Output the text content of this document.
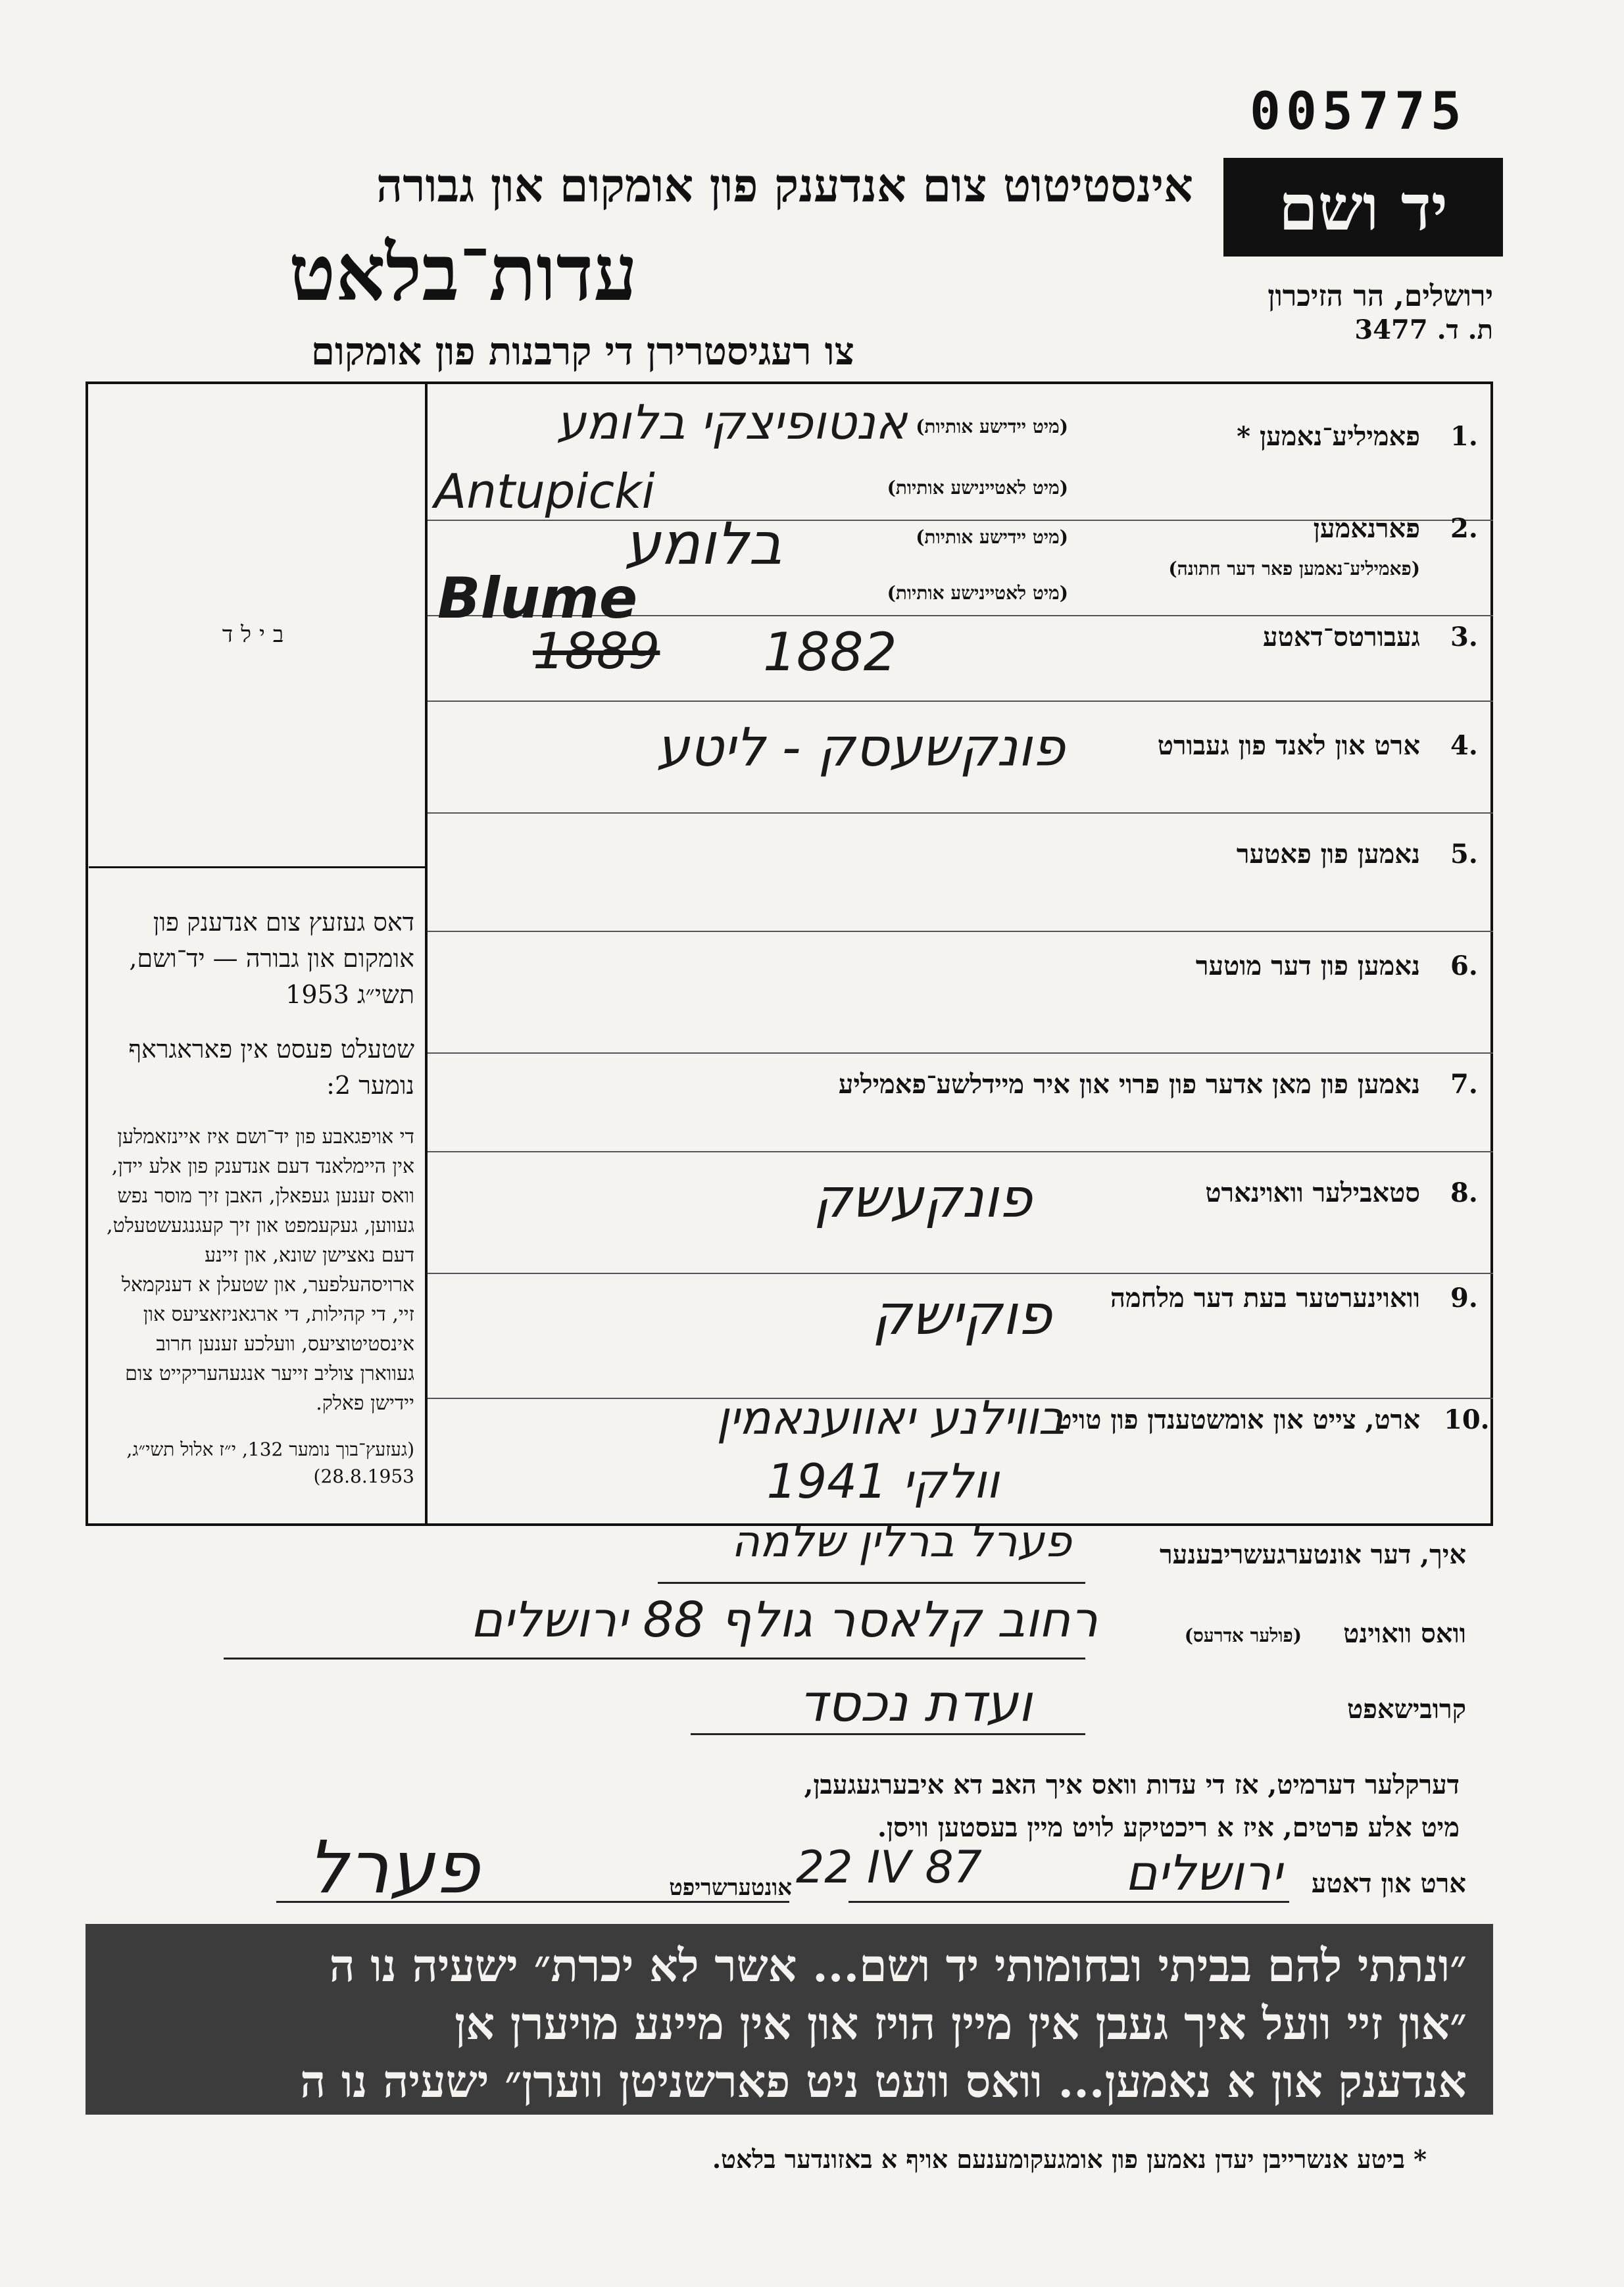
005775
יד ושם
אינסטיטוט צום אנדענק פון אומקום און גבורה
עדות־בלאט
צו רעגיסטרירן די קרבנות פון אומקום
ירושלים, הר הזיכרון
ת. ד. 3477
בילד

דאס געזעץ צום אנדענק פון אומקום און גבורה — יד־ושם, תשי״ג 1953

שטעלט פעסט אין פאראגראף נומער 2:

די אויפגאבע פון יד־ושם איז איינזאמלען אין היימלאנד דעם אנדענק פון אלע יידן, וואס זענען געפאלן, האבן זיך מוסר נפש געווען, געקעמפט און זיך קעגנגעשטעלט, דעם נאצישן שונא, און זיינע ארויסהעלפער, און שטעלן א דענקמאל זיי, די קהילות, די ארגאניזאציעס און אינסטיטוציעס, וועלכע זענען חרוב געווארן צוליב זייער אנגעהעריקייט צום יידישן פאלק.

(געזעץ־בוך נומער 132, י״ז אלול תשי״ג, 28.8.1953)

1.
פאמיליע־נאמען *
(מיט יידישע אותיות)
(מיט לאטיינישע אותיות)
אנטופיצקי בלומע
Antupicki
2.
פארנאמען
(פאמיליע־נאמען פאר דער חתונה)
(מיט יידישע אותיות)
(מיט לאטיינישע אותיות)
בלומע
Blume
3.
געבורטס־דאטע
1889 1882
4.
ארט און לאנד פון געבורט
פונקשעסק - ליטע
5.
נאמען פון פאטער
6.
נאמען פון דער מוטער
7.
נאמען פון מאן אדער פון פרוי און איר מיידלשע־פאמיליע
8.
סטאבילער וואוינארט
פונקעשק
9.
וואוינערטער בעת דער מלחמה
פוקישק
10.
ארט, צייט און אומשטענדן פון טויט
בווילנע יאווענאמין
וולקי 1941
איך, דער אונטערגעשריבענער
פערל ברלין שלמה
וואס וואוינט
(פולער אדרעס)
רחוב קלאסר גולף 88 ירושלים
קרובישאפט
ועדת נכסד
דערקלער דערמיט, אז די עדות וואס איך האב דא איבערגעגעבן,
מיט אלע פרטים, איז א ריכטיקע לויט מיין בעסטען וויסן.
ארט און דאטע
ירושלים
22 IV 87
אונטערשריפט
פערל
״ונתתי להם בביתי ובחומותי יד ושם... אשר לא יכרת״ ישעיה נו ה
״און זיי וועל איך געבן אין מיין הויז און אין מיינע מויערן אן
אנדענק און א נאמען... וואס וועט ניט פארשניטן ווערן״ ישעיה נו ה
* ביטע אנשרייבן יעדן נאמען פון אומגעקומענעם אויף א באזונדער בלאט.
